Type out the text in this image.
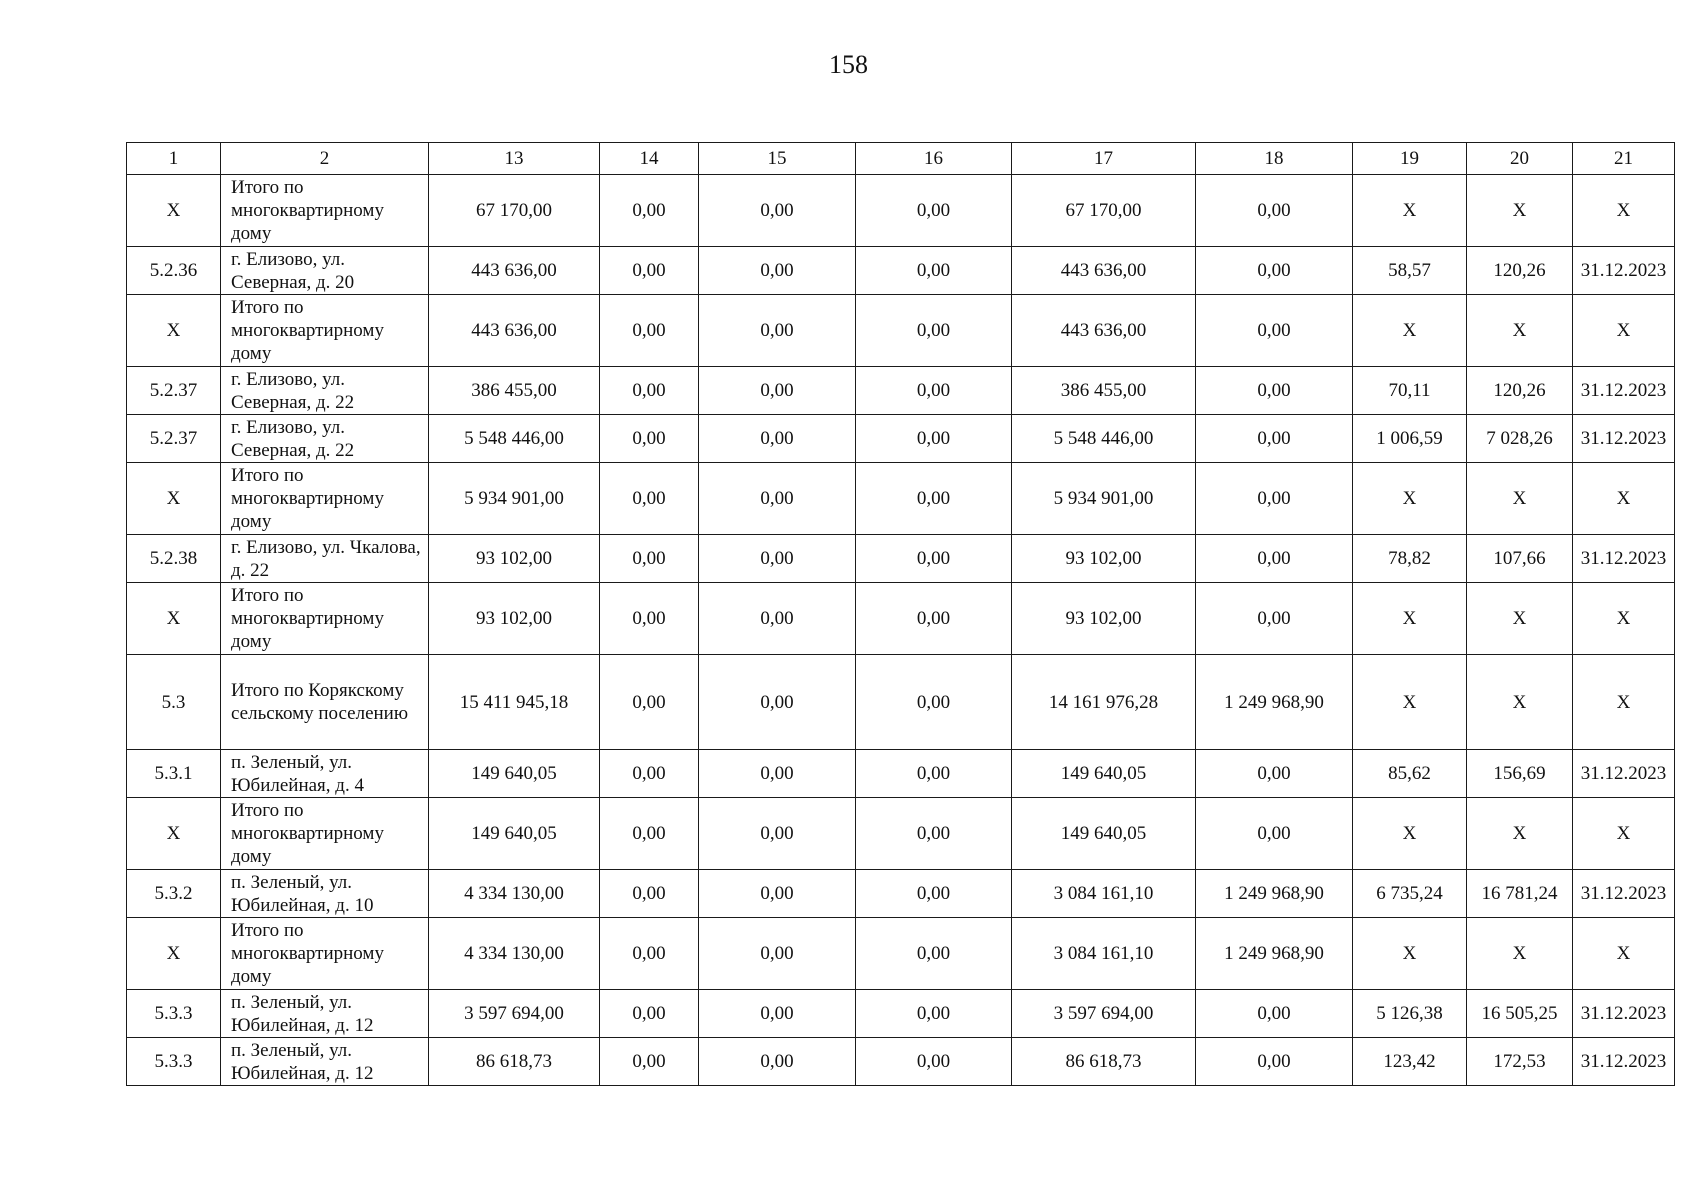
158
1	2	13	14	15	16	17	18	19	20	21
X	Итого по многоквартирному дому	67 170,00	0,00	0,00	0,00	67 170,00	0,00	X	X	X
5.2.36	г. Елизово, ул. Северная, д. 20	443 636,00	0,00	0,00	0,00	443 636,00	0,00	58,57	120,26	31.12.2023
X	Итого по многоквартирному дому	443 636,00	0,00	0,00	0,00	443 636,00	0,00	X	X	X
5.2.37	г. Елизово, ул. Северная, д. 22	386 455,00	0,00	0,00	0,00	386 455,00	0,00	70,11	120,26	31.12.2023
5.2.37	г. Елизово, ул. Северная, д. 22	5 548 446,00	0,00	0,00	0,00	5 548 446,00	0,00	1 006,59	7 028,26	31.12.2023
X	Итого по многоквартирному дому	5 934 901,00	0,00	0,00	0,00	5 934 901,00	0,00	X	X	X
5.2.38	г. Елизово, ул. Чкалова, д. 22	93 102,00	0,00	0,00	0,00	93 102,00	0,00	78,82	107,66	31.12.2023
X	Итого по многоквартирному дому	93 102,00	0,00	0,00	0,00	93 102,00	0,00	X	X	X
5.3	Итого по Корякскому сельскому поселению	15 411 945,18	0,00	0,00	0,00	14 161 976,28	1 249 968,90	X	X	X
5.3.1	п. Зеленый, ул. Юбилейная, д. 4	149 640,05	0,00	0,00	0,00	149 640,05	0,00	85,62	156,69	31.12.2023
X	Итого по многоквартирному дому	149 640,05	0,00	0,00	0,00	149 640,05	0,00	X	X	X
5.3.2	п. Зеленый, ул. Юбилейная, д. 10	4 334 130,00	0,00	0,00	0,00	3 084 161,10	1 249 968,90	6 735,24	16 781,24	31.12.2023
X	Итого по многоквартирному дому	4 334 130,00	0,00	0,00	0,00	3 084 161,10	1 249 968,90	X	X	X
5.3.3	п. Зеленый, ул. Юбилейная, д. 12	3 597 694,00	0,00	0,00	0,00	3 597 694,00	0,00	5 126,38	16 505,25	31.12.2023
5.3.3	п. Зеленый, ул. Юбилейная, д. 12	86 618,73	0,00	0,00	0,00	86 618,73	0,00	123,42	172,53	31.12.2023
